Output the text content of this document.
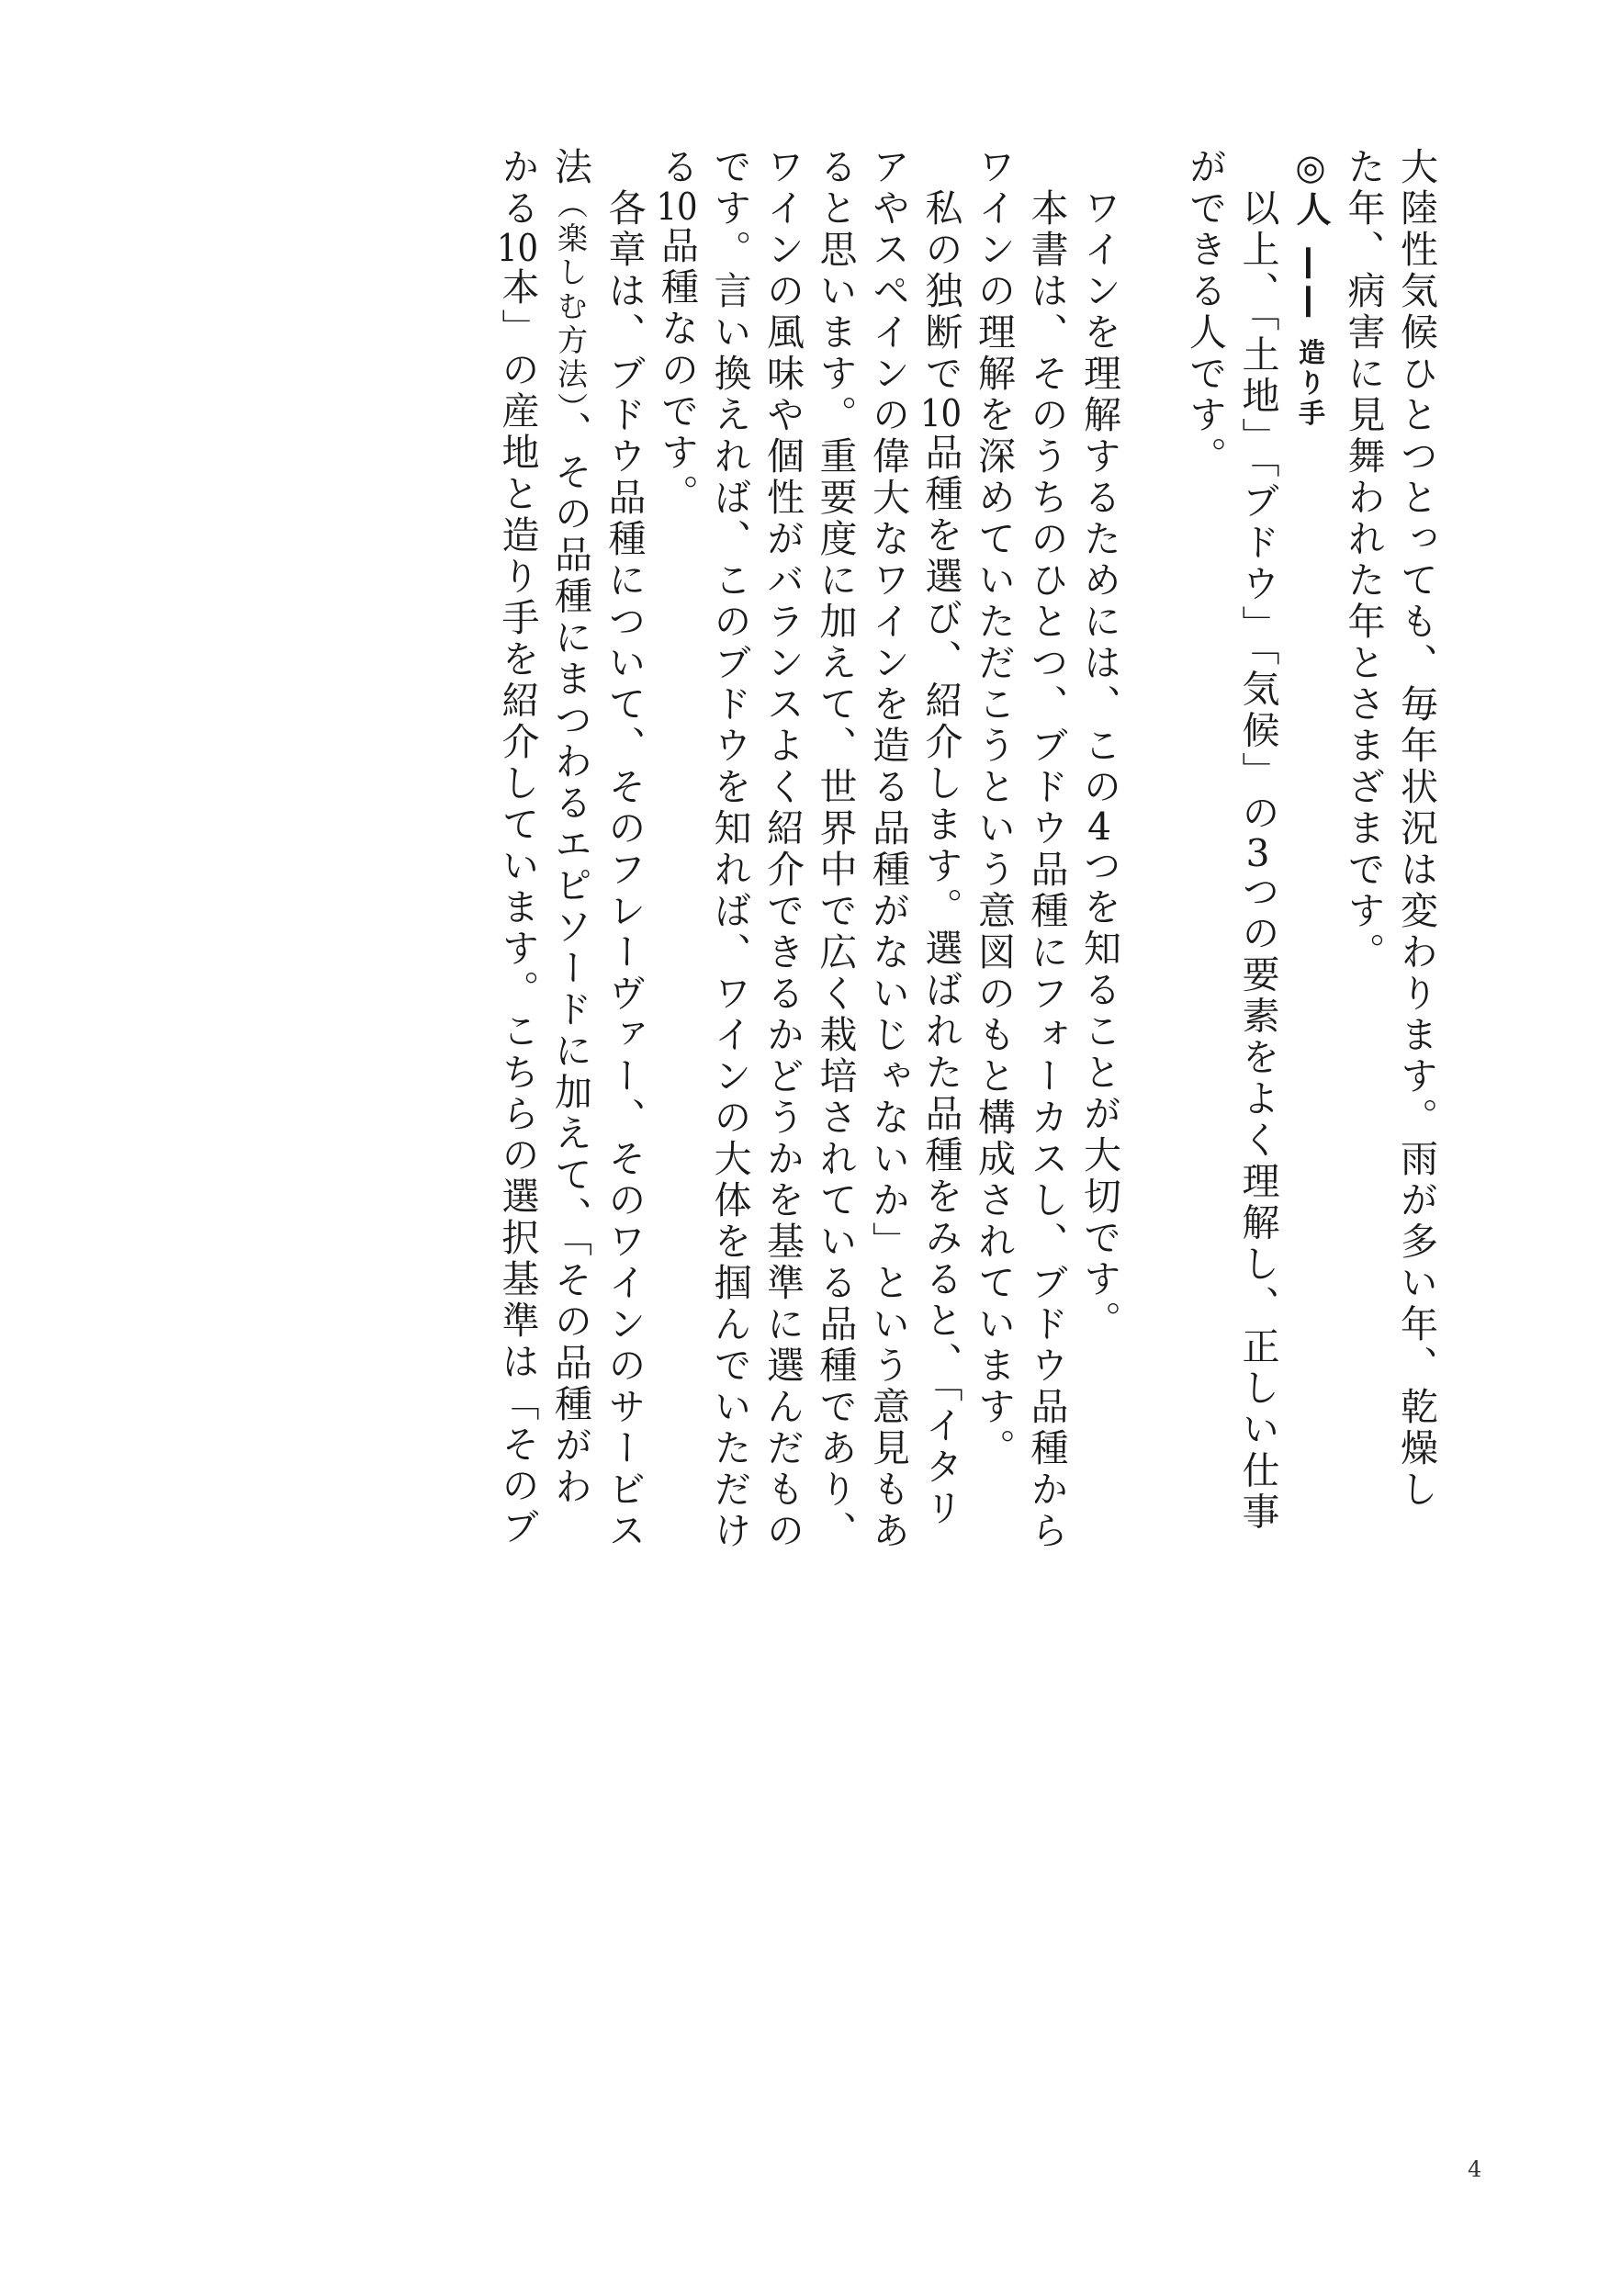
大陸性気候ひとつとっても、毎年状況は変わります。雨が多い年、乾燥し
た年、病害に見舞われた年とさまざまです。
◎人 —— 造り手
　以上、「土地」「ブドウ」「気候」の3つの要素をよく理解し、正しい仕事
ができる人です。
　ワインを理解するためには、この4つを知ることが大切です。
　本書は、そのうちのひとつ、ブドウ品種にフォーカスし、ブドウ品種から
ワインの理解を深めていただこうという意図のもと構成されています。
　私の独断で10品種を選び、紹介します。選ばれた品種をみると、「イタリ
アやスペインの偉大なワインを造る品種がないじゃないか」という意見もあ
ると思います。重要度に加えて、世界中で広く栽培されている品種であり、
ワインの風味や個性がバランスよく紹介できるかどうかを基準に選んだもの
です。言い換えれば、このブドウを知れば、ワインの大体を掴んでいただけ
る10品種なのです。
　各章は、ブドウ品種について、そのフレーヴァー、そのワインのサービス
法（楽しむ方法）、その品種にまつわるエピソードに加えて、「その品種がわ
かる10本」の産地と造り手を紹介しています。こちらの選択基準は「そのブ
4
